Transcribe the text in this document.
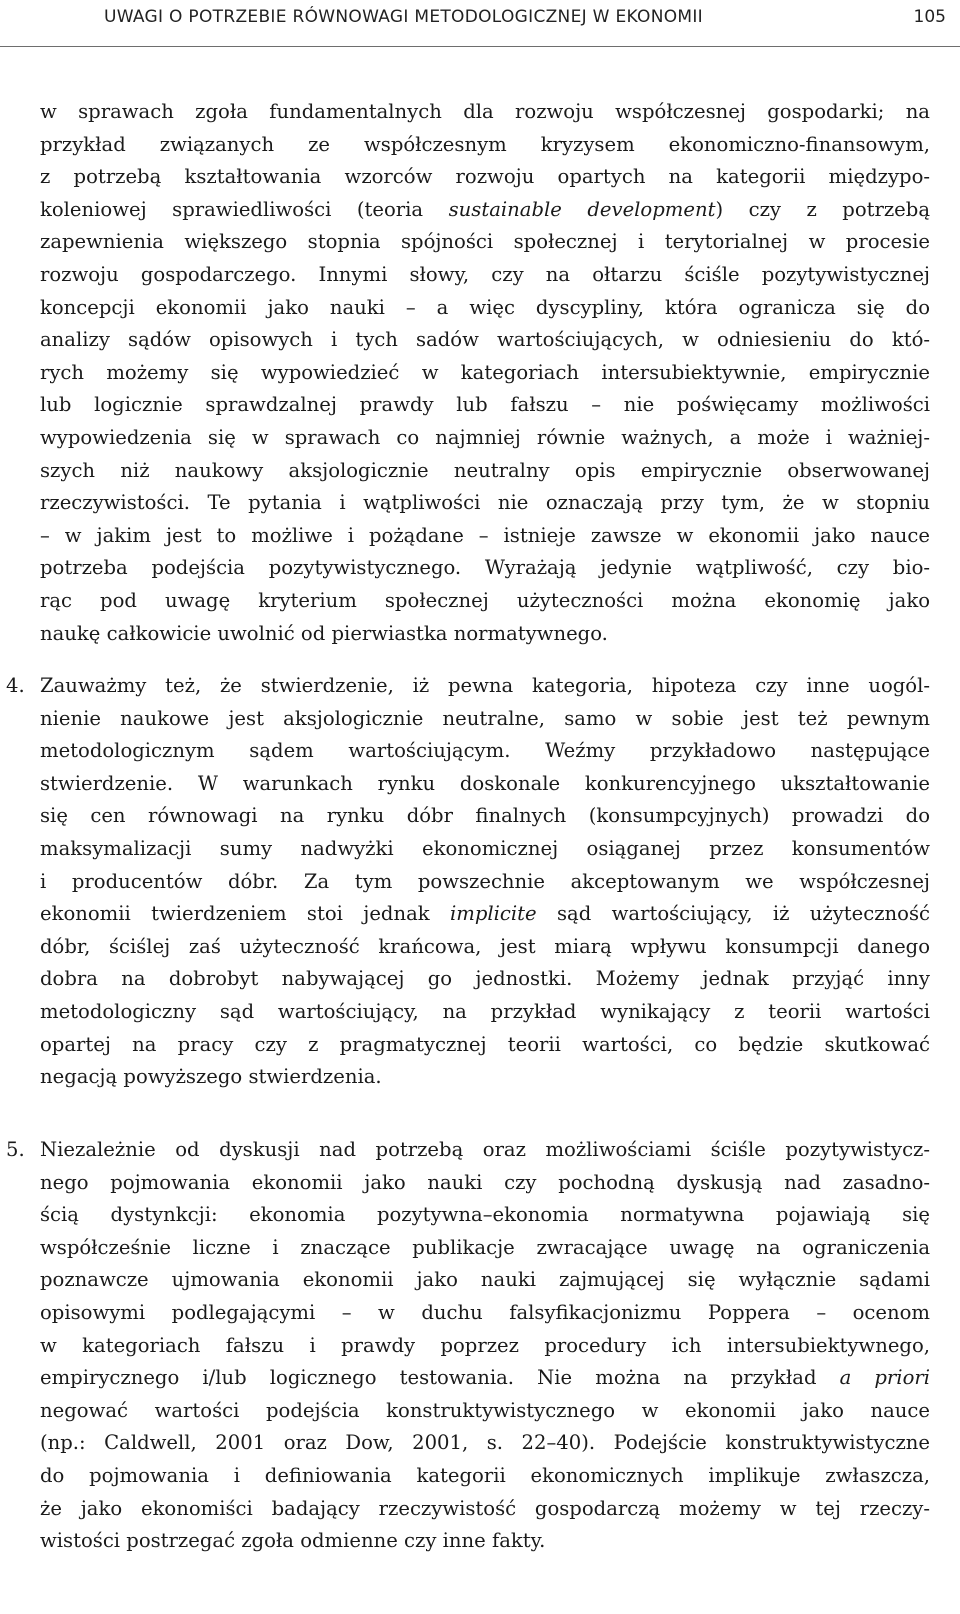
UWAGI O POTRZEBIE RÓWNOWAGI METODOLOGICZNEJ W EKONOMII	105
w sprawach zgoła fundamentalnych dla rozwoju współczesnej gospodarki; na
przykład związanych ze współczesnym kryzysem ekonomiczno-finansowym,
z potrzebą kształtowania wzorców rozwoju opartych na kategorii międzypo-
koleniowej sprawiedliwości (teoria sustainable development) czy z potrzebą
zapewnienia większego stopnia spójności społecznej i terytorialnej w procesie
rozwoju gospodarczego. Innymi słowy, czy na ołtarzu ściśle pozytywistycznej
koncepcji ekonomii jako nauki – a więc dyscypliny, która ogranicza się do
analizy sądów opisowych i tych sadów wartościujących, w odniesieniu do któ-
rych możemy się wypowiedzieć w kategoriach intersubiektywnie, empirycznie
lub logicznie sprawdzalnej prawdy lub fałszu – nie poświęcamy możliwości
wypowiedzenia się w sprawach co najmniej równie ważnych, a może i ważniej-
szych niż naukowy aksjologicznie neutralny opis empirycznie obserwowanej
rzeczywistości. Te pytania i wątpliwości nie oznaczają przy tym, że w stopniu
– w jakim jest to możliwe i pożądane – istnieje zawsze w ekonomii jako nauce
potrzeba podejścia pozytywistycznego. Wyrażają jedynie wątpliwość, czy bio-
rąc pod uwagę kryterium społecznej użyteczności można ekonomię jako
naukę całkowicie uwolnić od pierwiastka normatywnego.
4. Zauważmy też, że stwierdzenie, iż pewna kategoria, hipoteza czy inne uogól-
nienie naukowe jest aksjologicznie neutralne, samo w sobie jest też pewnym
metodologicznym sądem wartościującym. Weźmy przykładowo następujące
stwierdzenie. W warunkach rynku doskonale konkurencyjnego ukształtowanie
się cen równowagi na rynku dóbr finalnych (konsumpcyjnych) prowadzi do
maksymalizacji sumy nadwyżki ekonomicznej osiąganej przez konsumentów
i producentów dóbr. Za tym powszechnie akceptowanym we współczesnej
ekonomii twierdzeniem stoi jednak implicite sąd wartościujący, iż użyteczność
dóbr, ściślej zaś użyteczność krańcowa, jest miarą wpływu konsumpcji danego
dobra na dobrobyt nabywającej go jednostki. Możemy jednak przyjąć inny
metodologiczny sąd wartościujący, na przykład wynikający z teorii wartości
opartej na pracy czy z pragmatycznej teorii wartości, co będzie skutkować
negacją powyższego stwierdzenia.
5. Niezależnie od dyskusji nad potrzebą oraz możliwościami ściśle pozytywistycz-
nego pojmowania ekonomii jako nauki czy pochodną dyskusją nad zasadno-
ścią dystynkcji: ekonomia pozytywna–ekonomia normatywna pojawiają się
współcześnie liczne i znaczące publikacje zwracające uwagę na ograniczenia
poznawcze ujmowania ekonomii jako nauki zajmującej się wyłącznie sądami
opisowymi podlegającymi – w duchu falsyfikacjonizmu Poppera – ocenom
w kategoriach fałszu i prawdy poprzez procedury ich intersubiektywnego,
empirycznego i/lub logicznego testowania. Nie można na przykład a priori
negować wartości podejścia konstruktywistycznego w ekonomii jako nauce
(np.: Caldwell, 2001 oraz Dow, 2001, s. 22–40). Podejście konstruktywistyczne
do pojmowania i definiowania kategorii ekonomicznych implikuje zwłaszcza,
że jako ekonomiści badający rzeczywistość gospodarczą możemy w tej rzeczy-
wistości postrzegać zgoła odmienne czy inne fakty.
